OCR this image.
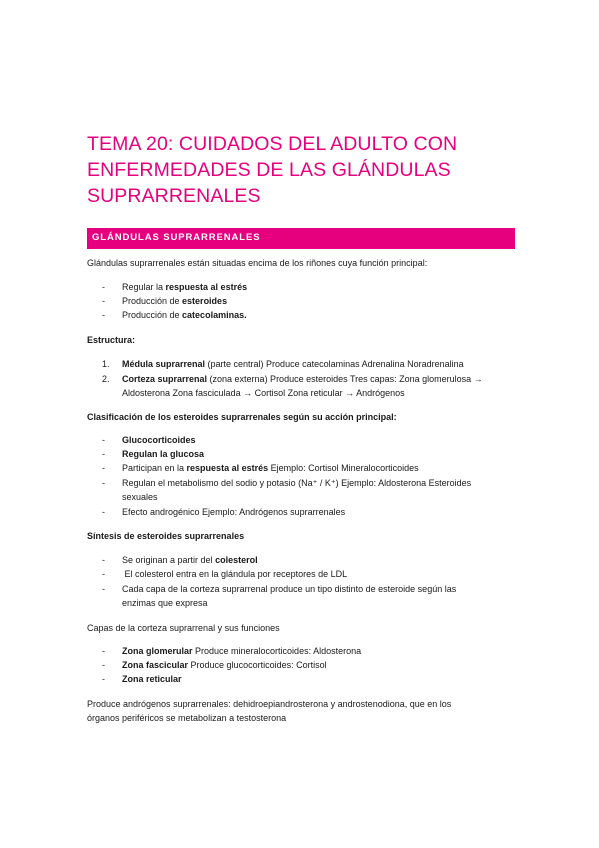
TEMA 20: CUIDADOS DEL ADULTO CON
ENFERMEDADES DE LAS GLÁNDULAS
SUPRARRENALES
GLÁNDULAS SUPRARRENALES
Glándulas suprarrenales están situadas encima de los riñones cuya función principal:
- Regular la respuesta al estrés
- Producción de esteroides
- Producción de catecolaminas.
Estructura:
1. Médula suprarrenal (parte central) Produce catecolaminas Adrenalina Noradrenalina
2. Corteza suprarrenal (zona externa) Produce esteroides Tres capas: Zona glomerulosa →
Aldosterona Zona fasciculada → Cortisol Zona reticular → Andrógenos
Clasificación de los esteroides suprarrenales según su acción principal:
- Glucocorticoides
- Regulan la glucosa
- Participan en la respuesta al estrés Ejemplo: Cortisol Mineralocorticoides
- Regulan el metabolismo del sodio y potasio (Na⁺ / K⁺) Ejemplo: Aldosterona Esteroides
sexuales
- Efecto androgénico Ejemplo: Andrógenos suprarrenales
Síntesis de esteroides suprarrenales
- Se originan a partir del colesterol
- El colesterol entra en la glándula por receptores de LDL
- Cada capa de la corteza suprarrenal produce un tipo distinto de esteroide según las
enzimas que expresa
Capas de la corteza suprarrenal y sus funciones
- Zona glomerular Produce mineralocorticoides: Aldosterona
- Zona fascicular Produce glucocorticoides: Cortisol
- Zona reticular
Produce andrógenos suprarrenales: dehidroepiandrosterona y androstenodiona, que en los
órganos periféricos se metabolizan a testosterona
